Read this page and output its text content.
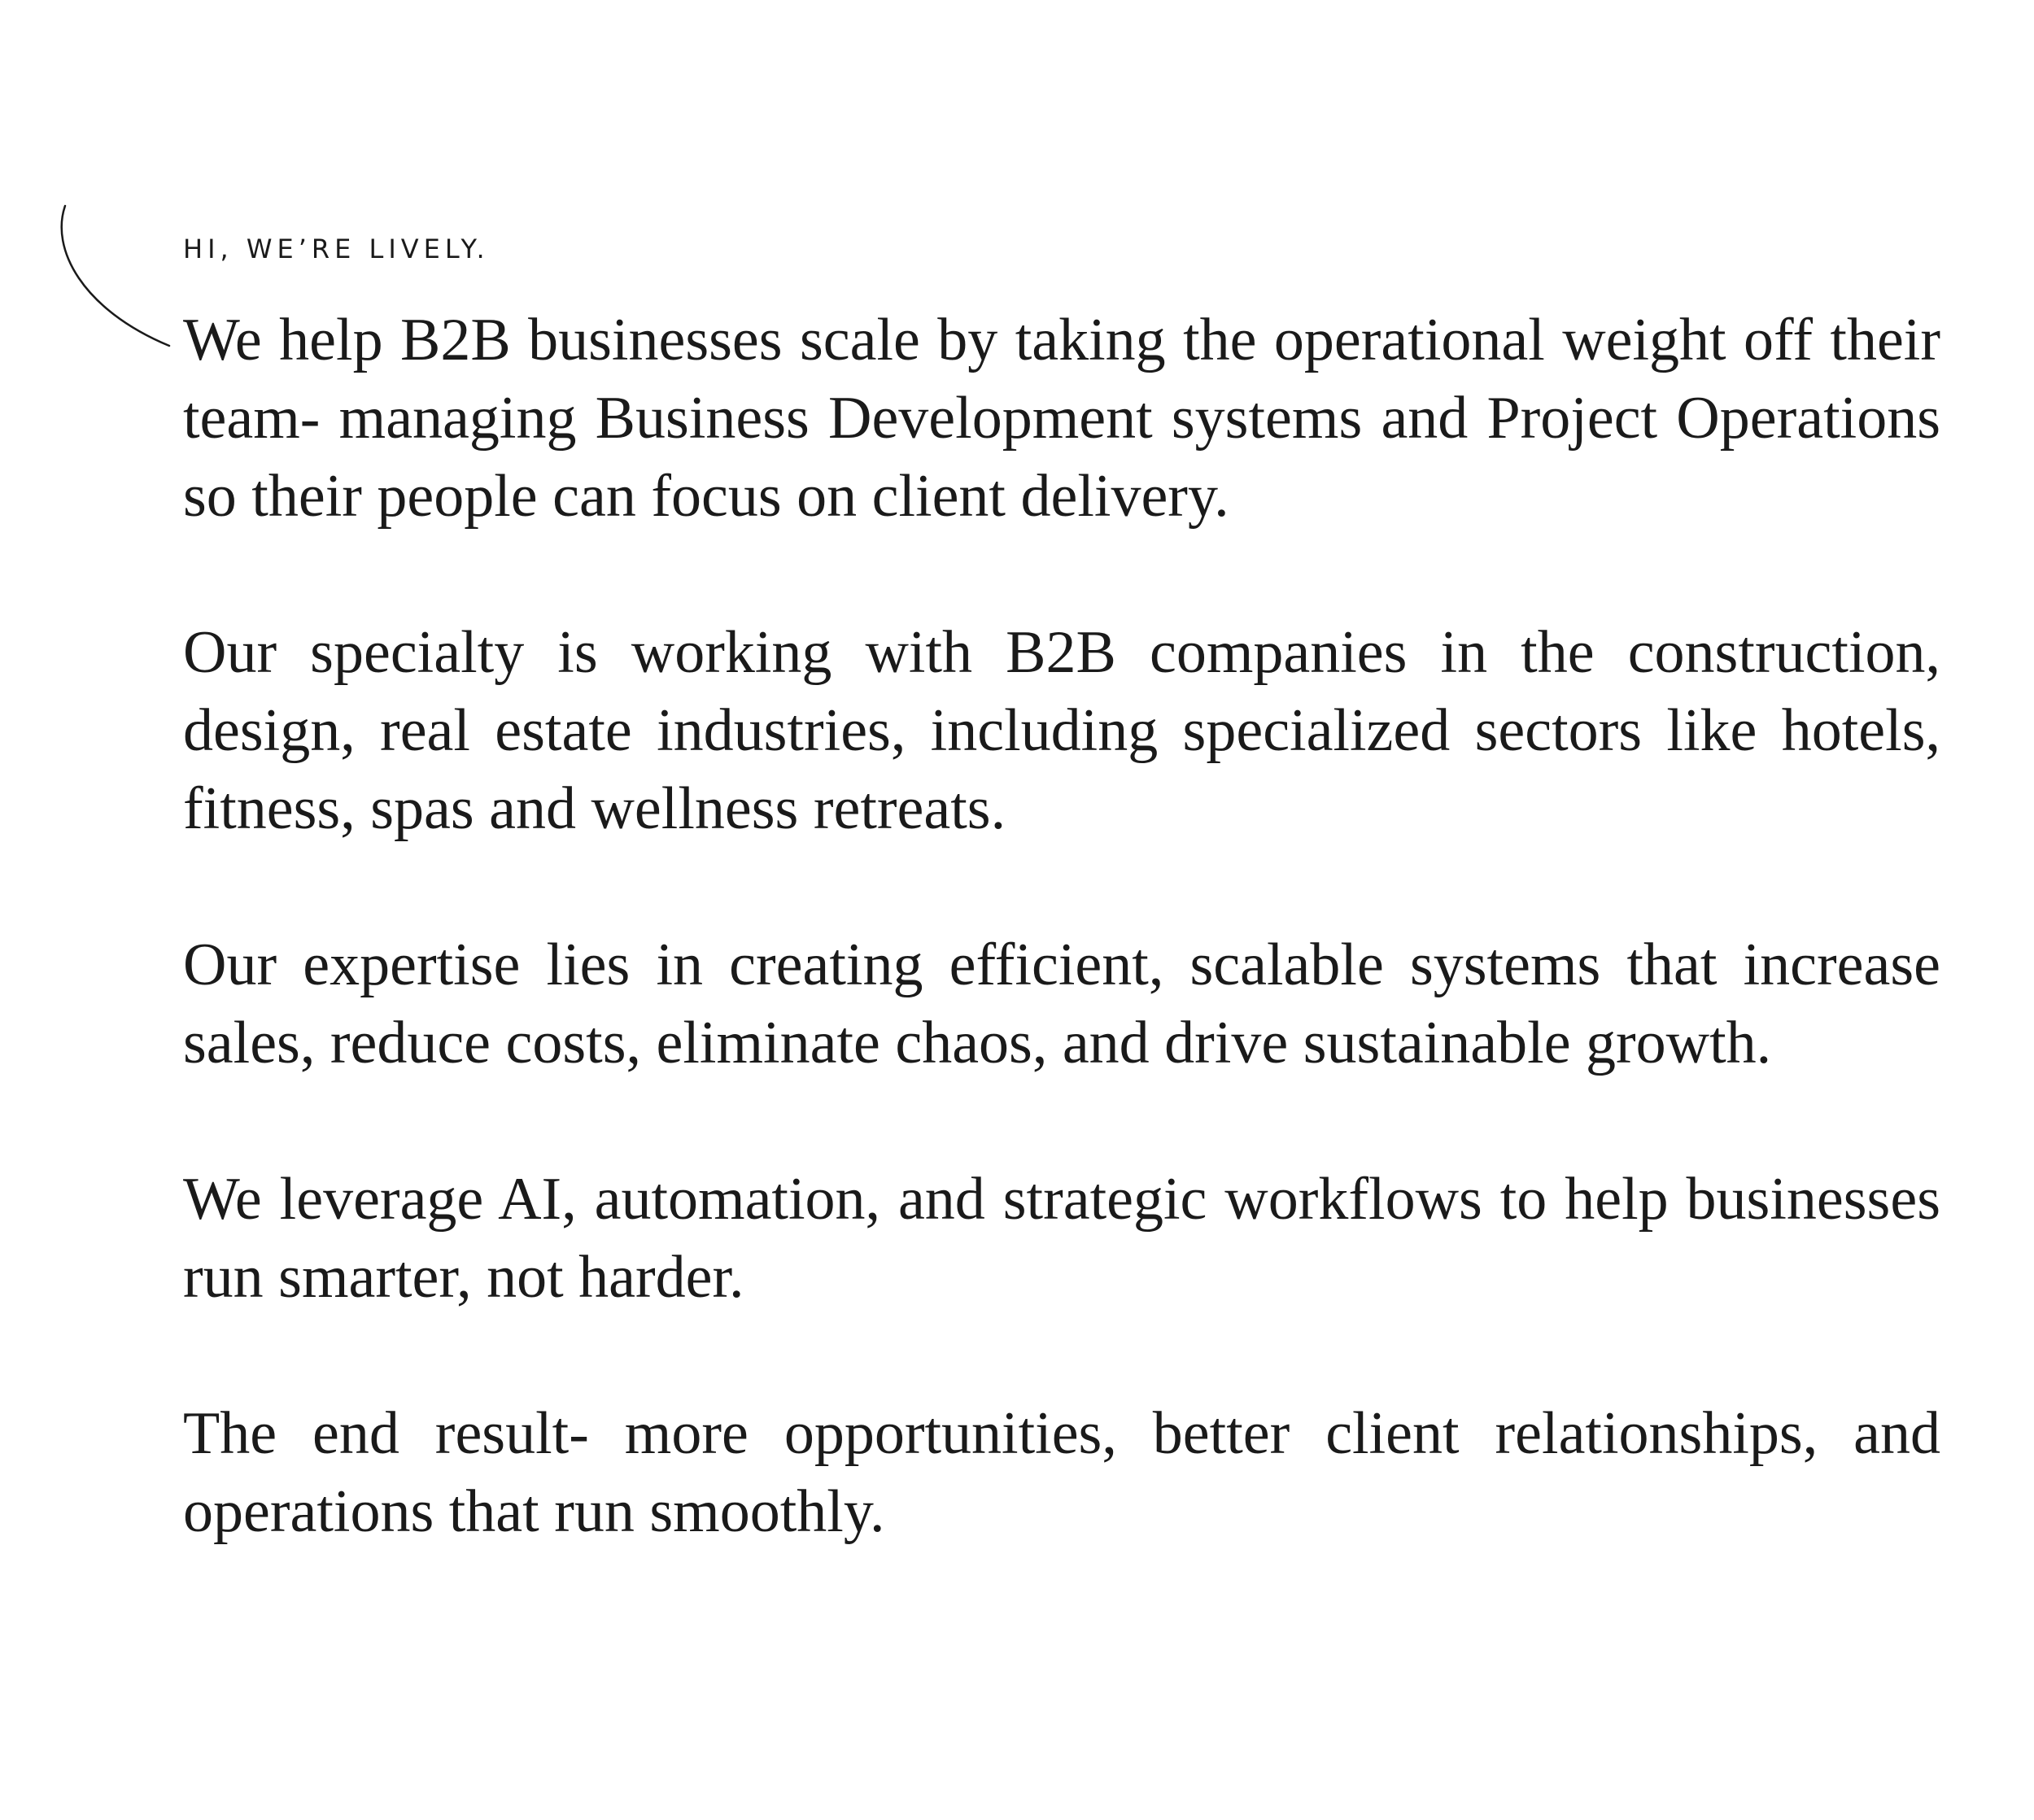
HI, WE’RE LIVELY.

We help B2B businesses scale by taking the operational weight off their team- managing Business Development systems and Project Operations so their people can focus on client delivery.

Our specialty is working with B2B companies in the construction, design, real estate industries, including specialized sectors like hotels, fitness, spas and wellness retreats.

Our expertise lies in creating efficient, scalable systems that increase sales, reduce costs, eliminate chaos, and drive sustainable growth.

We leverage AI, automation, and strategic workflows to help businesses run smarter, not harder.

The end result- more opportunities, better client relationships, and operations that run smoothly.
